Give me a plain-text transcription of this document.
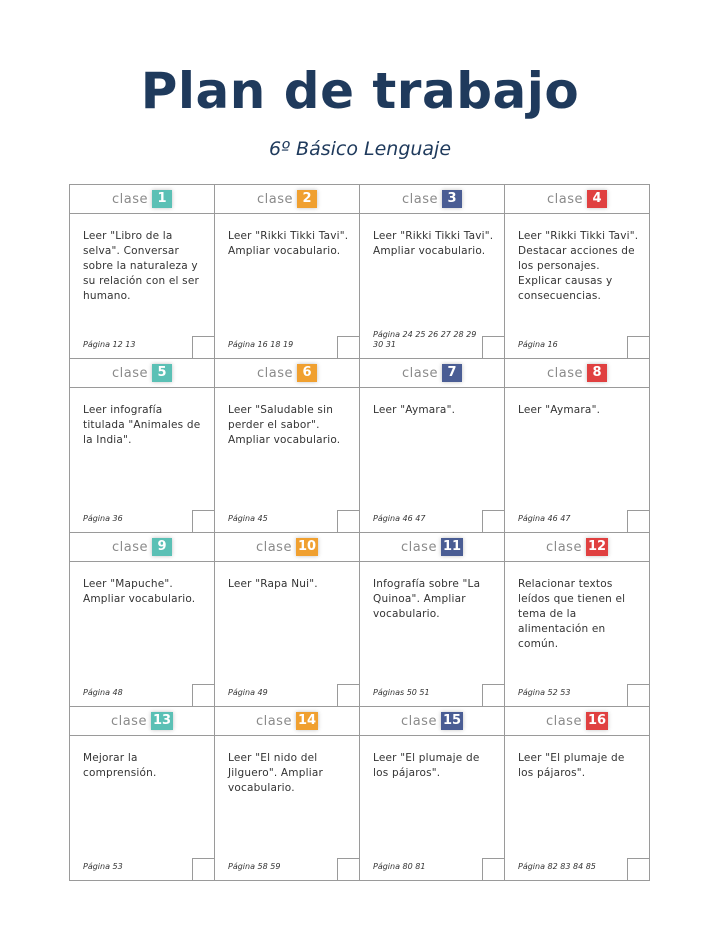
Plan de trabajo
6º Básico Lenguaje
clase 1
Leer "Libro de la selva". Conversar sobre la naturaleza y su relación con el ser humano.
Página 12 13
clase 2
Leer "Rikki Tikki Tavi". Ampliar vocabulario.
Página 16 18 19
clase 3
Leer "Rikki Tikki Tavi". Ampliar vocabulario.
Página 24 25 26 27 28 29 30 31
clase 4
Leer "Rikki Tikki Tavi". Destacar acciones de los personajes. Explicar causas y consecuencias.
Página 16
clase 5
Leer infografía titulada "Animales de la India".
Página 36
clase 6
Leer "Saludable sin perder el sabor". Ampliar vocabulario.
Página 45
clase 7
Leer "Aymara".
Página 46 47
clase 8
Leer "Aymara".
Página 46 47
clase 9
Leer "Mapuche". Ampliar vocabulario.
Página 48
clase 10
Leer "Rapa Nui".
Página 49
clase 11
Infografía sobre "La Quinoa". Ampliar vocabulario.
Páginas 50 51
clase 12
Relacionar textos leídos que tienen el tema de la alimentación en común.
Página 52 53
clase 13
Mejorar la comprensión.
Página 53
clase 14
Leer "El nido del Jilguero". Ampliar vocabulario.
Página 58 59
clase 15
Leer "El plumaje de los pájaros".
Página 80 81
clase 16
Leer "El plumaje de los pájaros".
Página 82 83 84 85
